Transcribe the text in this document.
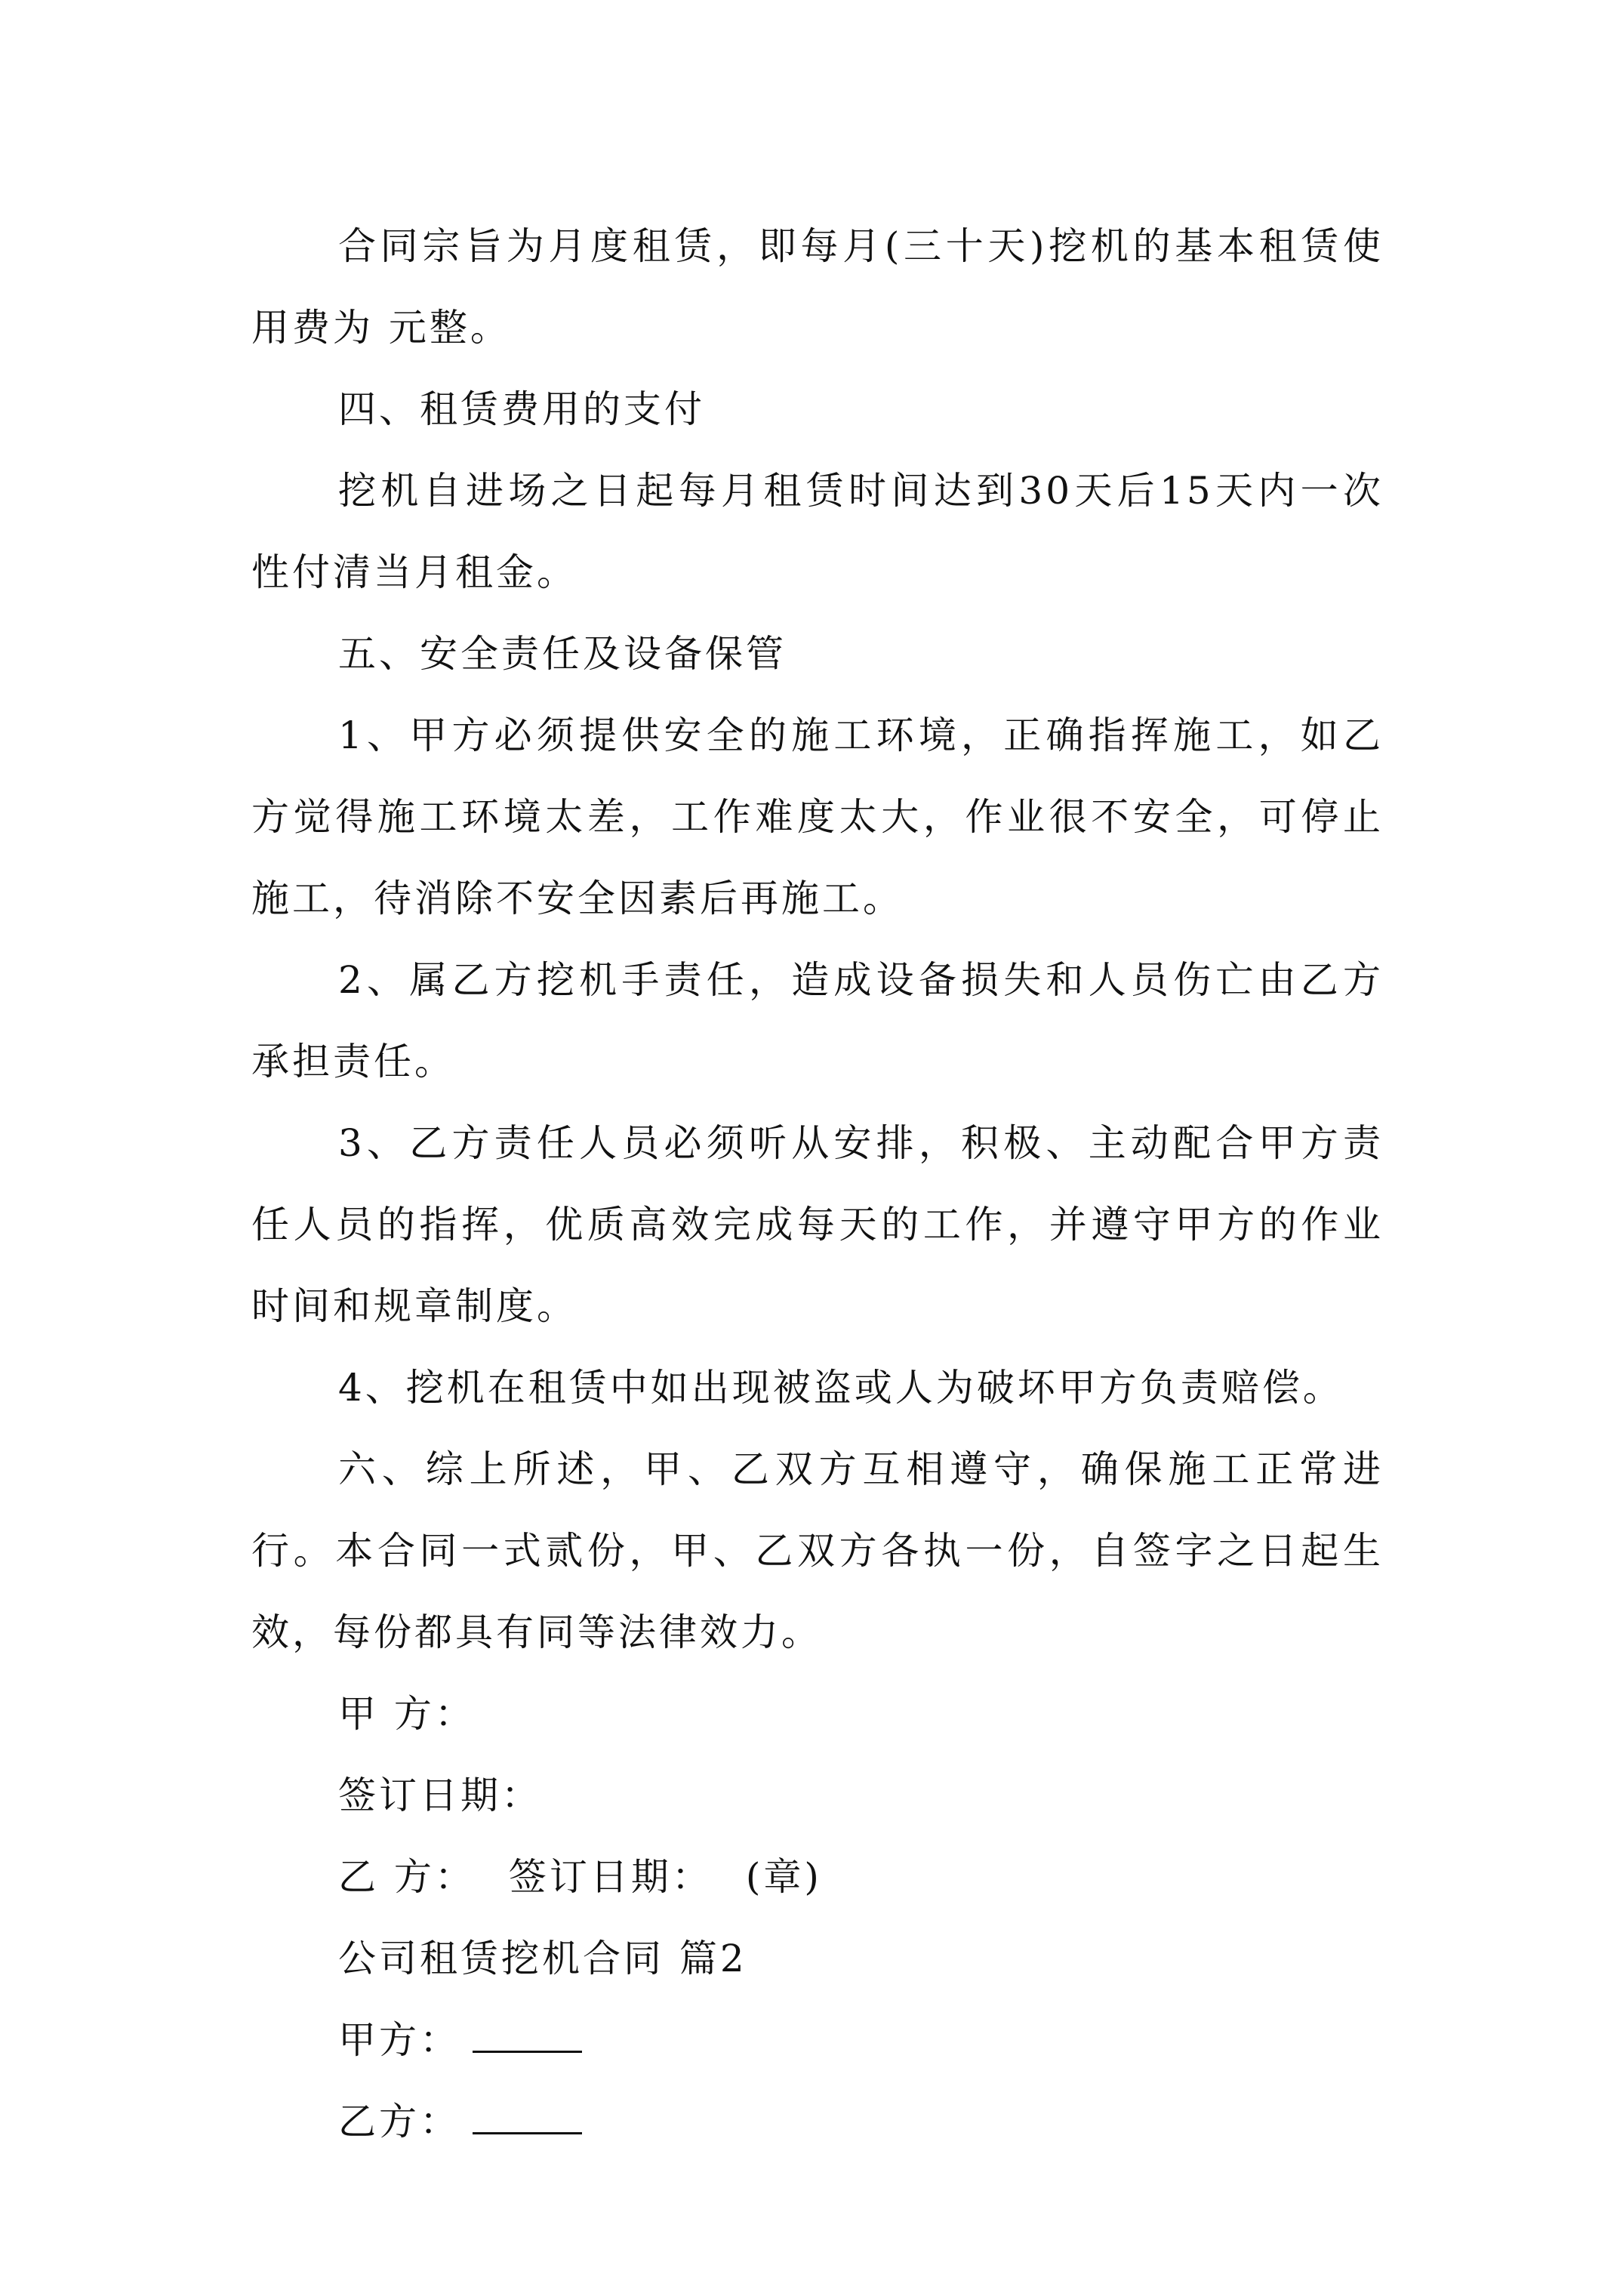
合同宗旨为月度租赁，即每月(三十天)挖机的基本租赁使用费为 元整。

四、租赁费用的支付

挖机自进场之日起每月租赁时间达到30天后15天内一次性付清当月租金。

五、安全责任及设备保管

1、甲方必须提供安全的施工环境，正确指挥施工，如乙方觉得施工环境太差，工作难度太大，作业很不安全，可停止施工，待消除不安全因素后再施工。

2、属乙方挖机手责任，造成设备损失和人员伤亡由乙方承担责任。

3、乙方责任人员必须听从安排，积极、主动配合甲方责任人员的指挥，优质高效完成每天的工作，并遵守甲方的作业时间和规章制度。

4、挖机在租赁中如出现被盗或人为破坏甲方负责赔偿。

六、综上所述，甲、乙双方互相遵守，确保施工正常进行。本合同一式贰份，甲、乙双方各执一份，自签字之日起生效，每份都具有同等法律效力。

甲 方：

签订日期：

乙 方： 签订日期： (章)

公司租赁挖机合同 篇2

甲方：

乙方：
